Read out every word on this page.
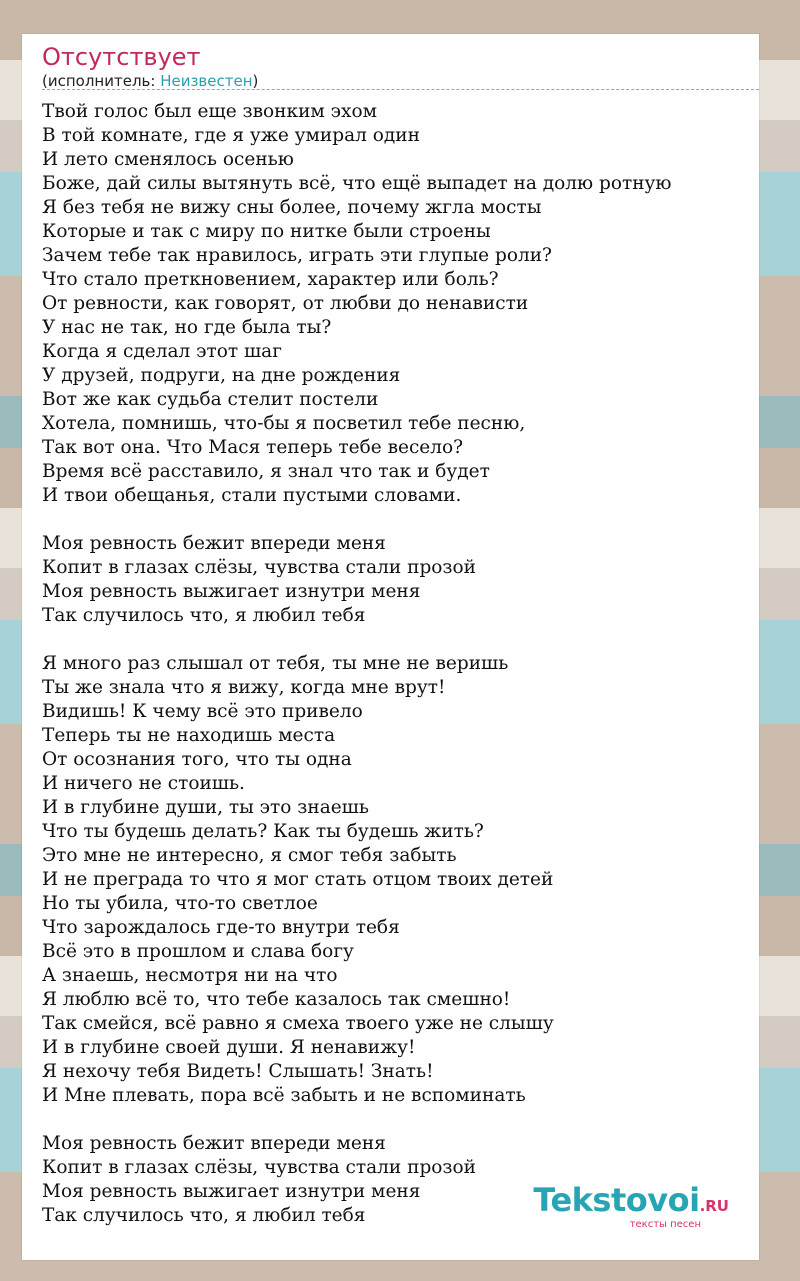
Отсутствует
(исполнитель: Неизвестен)
Твой голос был еще звонким эхом
В той комнате, где я уже умирал один
И лето сменялось осенью
Боже, дай силы вытянуть всё, что ещё выпадет на долю ротную
Я без тебя не вижу сны более, почему жгла мосты
Которые и так с миру по нитке были строены
Зачем тебе так нравилось, играть эти глупые роли?
Что стало преткновением, характер или боль?
От ревности, как говорят, от любви до ненависти
У нас не так, но где была ты?
Когда я сделал этот шаг
У друзей, подруги, на дне рождения
Вот же как судьба стелит постели
Хотела, помнишь, что-бы я посветил тебе песню,
Так вот она. Что Мася теперь тебе весело?
Время всё расставило, я знал что так и будет
И твои обещанья, стали пустыми словами.
Моя ревность бежит впереди меня
Копит в глазах слёзы, чувства стали прозой
Моя ревность выжигает изнутри меня
Так случилось что, я любил тебя
Я много раз слышал от тебя, ты мне не веришь
Ты же знала что я вижу, когда мне врут!
Видишь! К чему всё это привело
Теперь ты не находишь места
От осознания того, что ты одна
И ничего не стоишь.
И в глубине души, ты это знаешь
Что ты будешь делать? Как ты будешь жить?
Это мне не интересно, я смог тебя забыть
И не преграда то что я мог стать отцом твоих детей
Но ты убила, что-то светлое
Что зарождалось где-то внутри тебя
Всё это в прошлом и слава богу
А знаешь, несмотря ни на что
Я люблю всё то, что тебе казалось так смешно!
Так смейся, всё равно я смеха твоего уже не слышу
И в глубине своей души. Я ненавижу!
Я нехочу тебя Видеть! Слышать! Знать!
И Мне плевать, пора всё забыть и не вспоминать
Моя ревность бежит впереди меня
Копит в глазах слёзы, чувства стали прозой
Моя ревность выжигает изнутри меня
Так случилось что, я любил тебя	Tekstovoi.RU
тексты песен
